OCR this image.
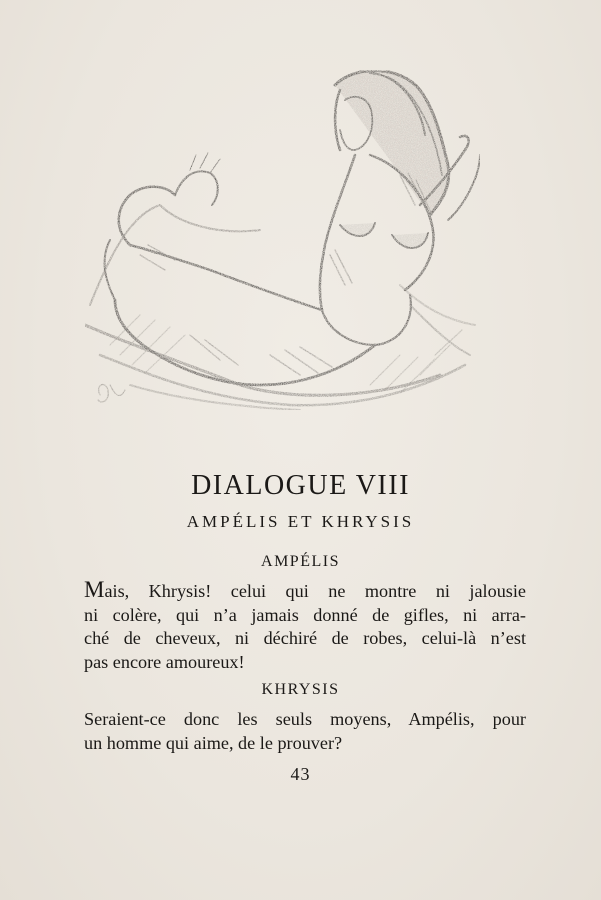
DIALOGUE VIII
AMPÉLIS ET KHRYSIS
AMPÉLIS
Mais, Khrysis! celui qui ne montre ni jalousie
ni colère, qui n’a jamais donné de gifles, ni arra-
ché de cheveux, ni déchiré de robes, celui-là n’est
pas encore amoureux!
KHRYSIS
Seraient-ce donc les seuls moyens, Ampélis, pour
un homme qui aime, de le prouver?
43
